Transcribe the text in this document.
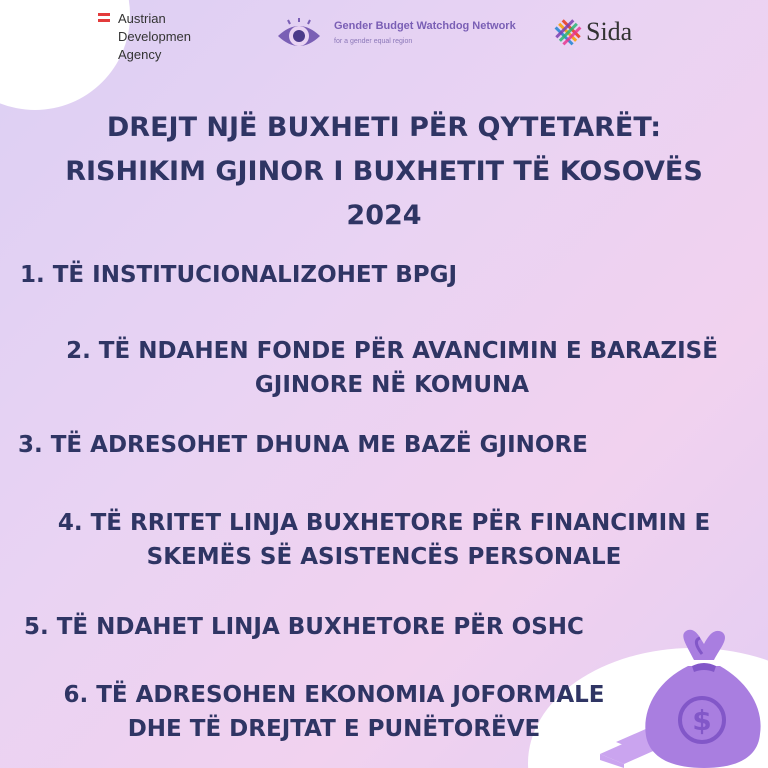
Austrian
Developmen
Agency
Gender Budget Watchdog Network
for a gender equal region	Sida
DREJT NJË BUXHETI PËR QYTETARËT:
RISHIKIM GJINOR I BUXHETIT TË KOSOVËS
2024
1. TË INSTITUCIONALIZOHET BPGJ
2. TË NDAHEN FONDE PËR AVANCIMIN E BARAZISË
GJINORE NË KOMUNA
3. TË ADRESOHET DHUNA ME BAZË GJINORE
4. TË RRITET LINJA BUXHETORE PËR FINANCIMIN E
SKEMËS SË ASISTENCËS PERSONALE
5. TË NDAHET LINJA BUXHETORE PËR OSHC
6. TË ADRESOHEN EKONOMIA JOFORMALE
DHE TË DREJTAT E PUNËTORËVE	$
